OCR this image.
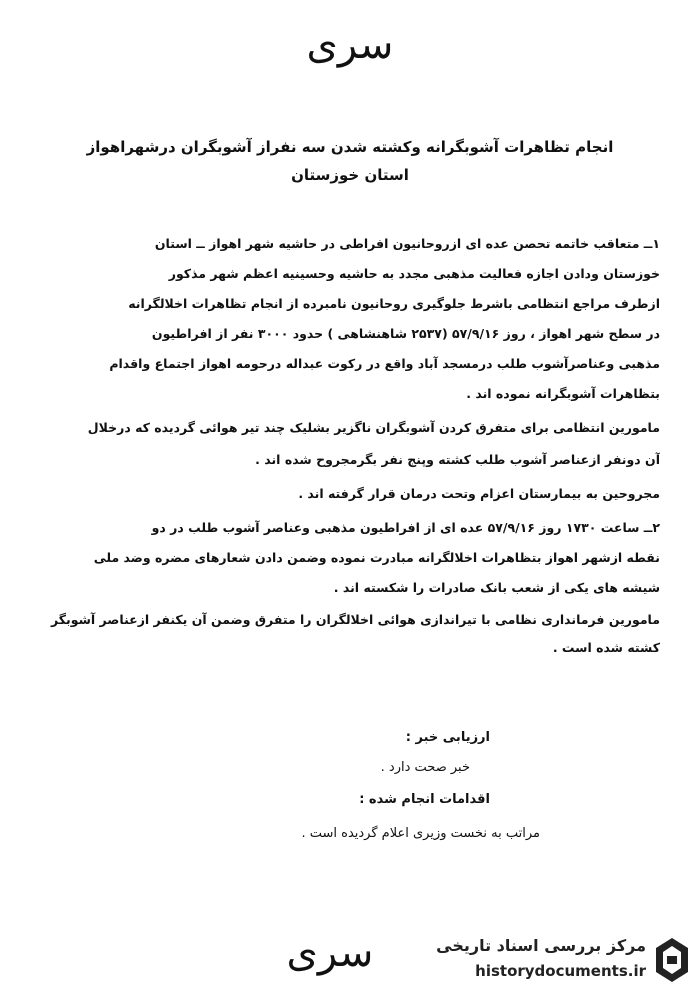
سری
انجام تظاهرات آشوبگرانه وکشته شدن سه نفراز آشوبگران درشهراهواز
استان خوزستان
۱ــ متعاقب خاتمه تحصن عده ای ازروحانیون افراطی در حاشیه شهر اهواز ــ استان
خوزستان ودادن اجازه فعالیت مذهبی مجدد به حاشیه وحسینیه اعظم شهر مذکور
ازطرف مراجع انتظامی باشرط جلوگیری روحانیون نامبرده از انجام تظاهرات اخلالگرانه
در سطح شهر اهواز ، روز ۵۷/۹/۱۶ (۲۵۳۷ شاهنشاهی ) حدود ۳۰۰۰ نفر از افراطیون
مذهبی وعناصرآشوب طلب درمسجد آباد واقع در رکوت عبداله درحومه اهواز اجتماع واقدام
بتظاهرات آشوبگرانه نموده اند .
مامورین انتظامی برای متفرق کردن آشوبگران ناگزیر بشلیک چند تیر هوائی گردیده که درخلال
آن دونفر ازعناصر آشوب طلب کشته وپنج نفر بگرمجروح شده اند .
مجروحین به بیمارستان اعزام وتحت درمان قرار گرفته اند .
۲ــ ساعت ۱۷۳۰ روز ۵۷/۹/۱۶ عده ای از افراطیون مذهبی وعناصر آشوب طلب در دو
نقطه ازشهر اهواز بتظاهرات اخلالگرانه مبادرت نموده وضمن دادن شعارهای مضره وضد ملی
شیشه های یکی از شعب بانک صادرات را شکسته اند .
مامورین فرمانداری نظامی با تیراندازی هوائی اخلالگران را متفرق وضمن آن یکنفر ازعناصر آشوبگر
کشته شده است .
ارزیابی خبر :
خبر صحت دارد .
اقدامات انجام شده :
مراتب به نخست وزیری اعلام گردیده است .
سری	مرکز بررسی اسناد تاریخی
historydocuments.ir
